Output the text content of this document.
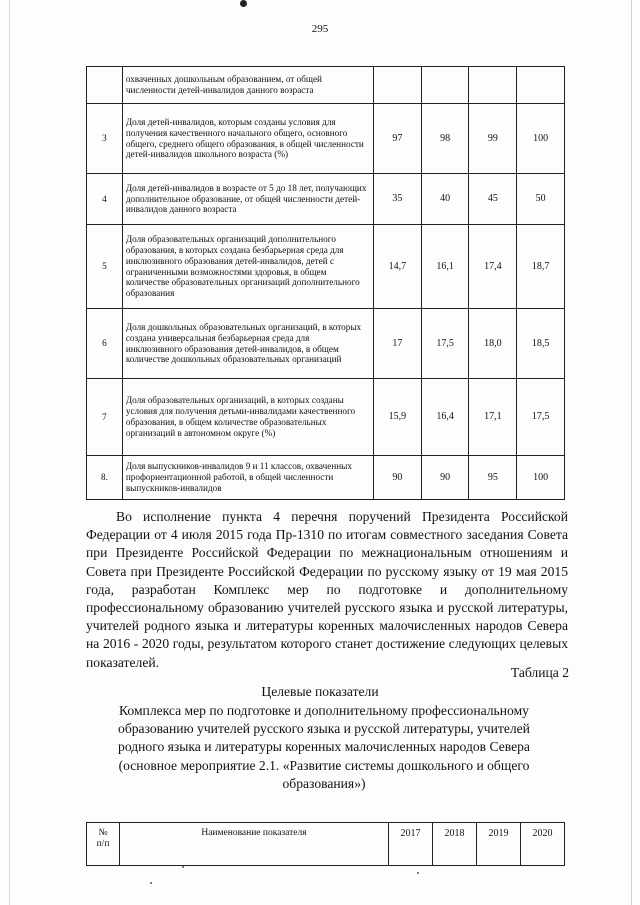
295
	охваченных дошкольным образованием, от общей численности детей-инвалидов данного возраста				
3	Доля детей-инвалидов, которым созданы условия для получения качественного начального общего, основного общего, среднего общего образования, в общей численности детей-инвалидов школьного возраста (%)	97	98	99	100
4	Доля детей-инвалидов в возрасте от 5 до 18 лет, получающих дополнительное образование, от общей численности детей-инвалидов данного возраста	35	40	45	50
5	Доля образовательных организаций дополнительного образования, в которых создана безбарьерная среда для инклюзивного образования детей-инвалидов, детей с ограниченными возможностями здоровья, в общем количестве образовательных организаций дополнительного образования	14,7	16,1	17,4	18,7
6	Доля дошкольных образовательных организаций, в которых создана универсальная безбарьерная среда для инклюзивного образования детей-инвалидов, в общем количестве дошкольных образовательных организаций	17	17,5	18,0	18,5
7	Доля образовательных организаций, в которых созданы условия для получения детьми-инвалидами качественного образования, в общем количестве образовательных организаций в автономном округе (%)	15,9	16,4	17,1	17,5
8.	Доля выпускников-инвалидов 9 и 11 классов, охваченных профориентационной работой, в общей численности выпускников-инвалидов	90	90	95	100

Во исполнение пункта 4 перечня поручений Президента Российской Федерации от 4 июля 2015 года Пр-1310 по итогам совместного заседания Совета при Президенте Российской Федерации по межнациональным отношениям и Совета при Президенте Российской Федерации по русскому языку от 19 мая 2015 года, разработан Комплекс мер по подготовке и дополнительному профессиональному образованию учителей русского языка и русской литературы, учителей родного языка и литературы коренных малочисленных народов Севера на 2016 - 2020 годы, результатом которого станет достижение следующих целевых показателей.

Таблица 2
Целевые показатели

Комплекса мер по подготовке и дополнительному профессиональному образованию учителей русского языка и русской литературы, учителей родного языка и литературы коренных малочисленных народов Севера (основное мероприятие 2.1. «Развитие системы дошкольного и общего образования»)

№
п/п	Наименование показателя	2017	2018	2019	2020
